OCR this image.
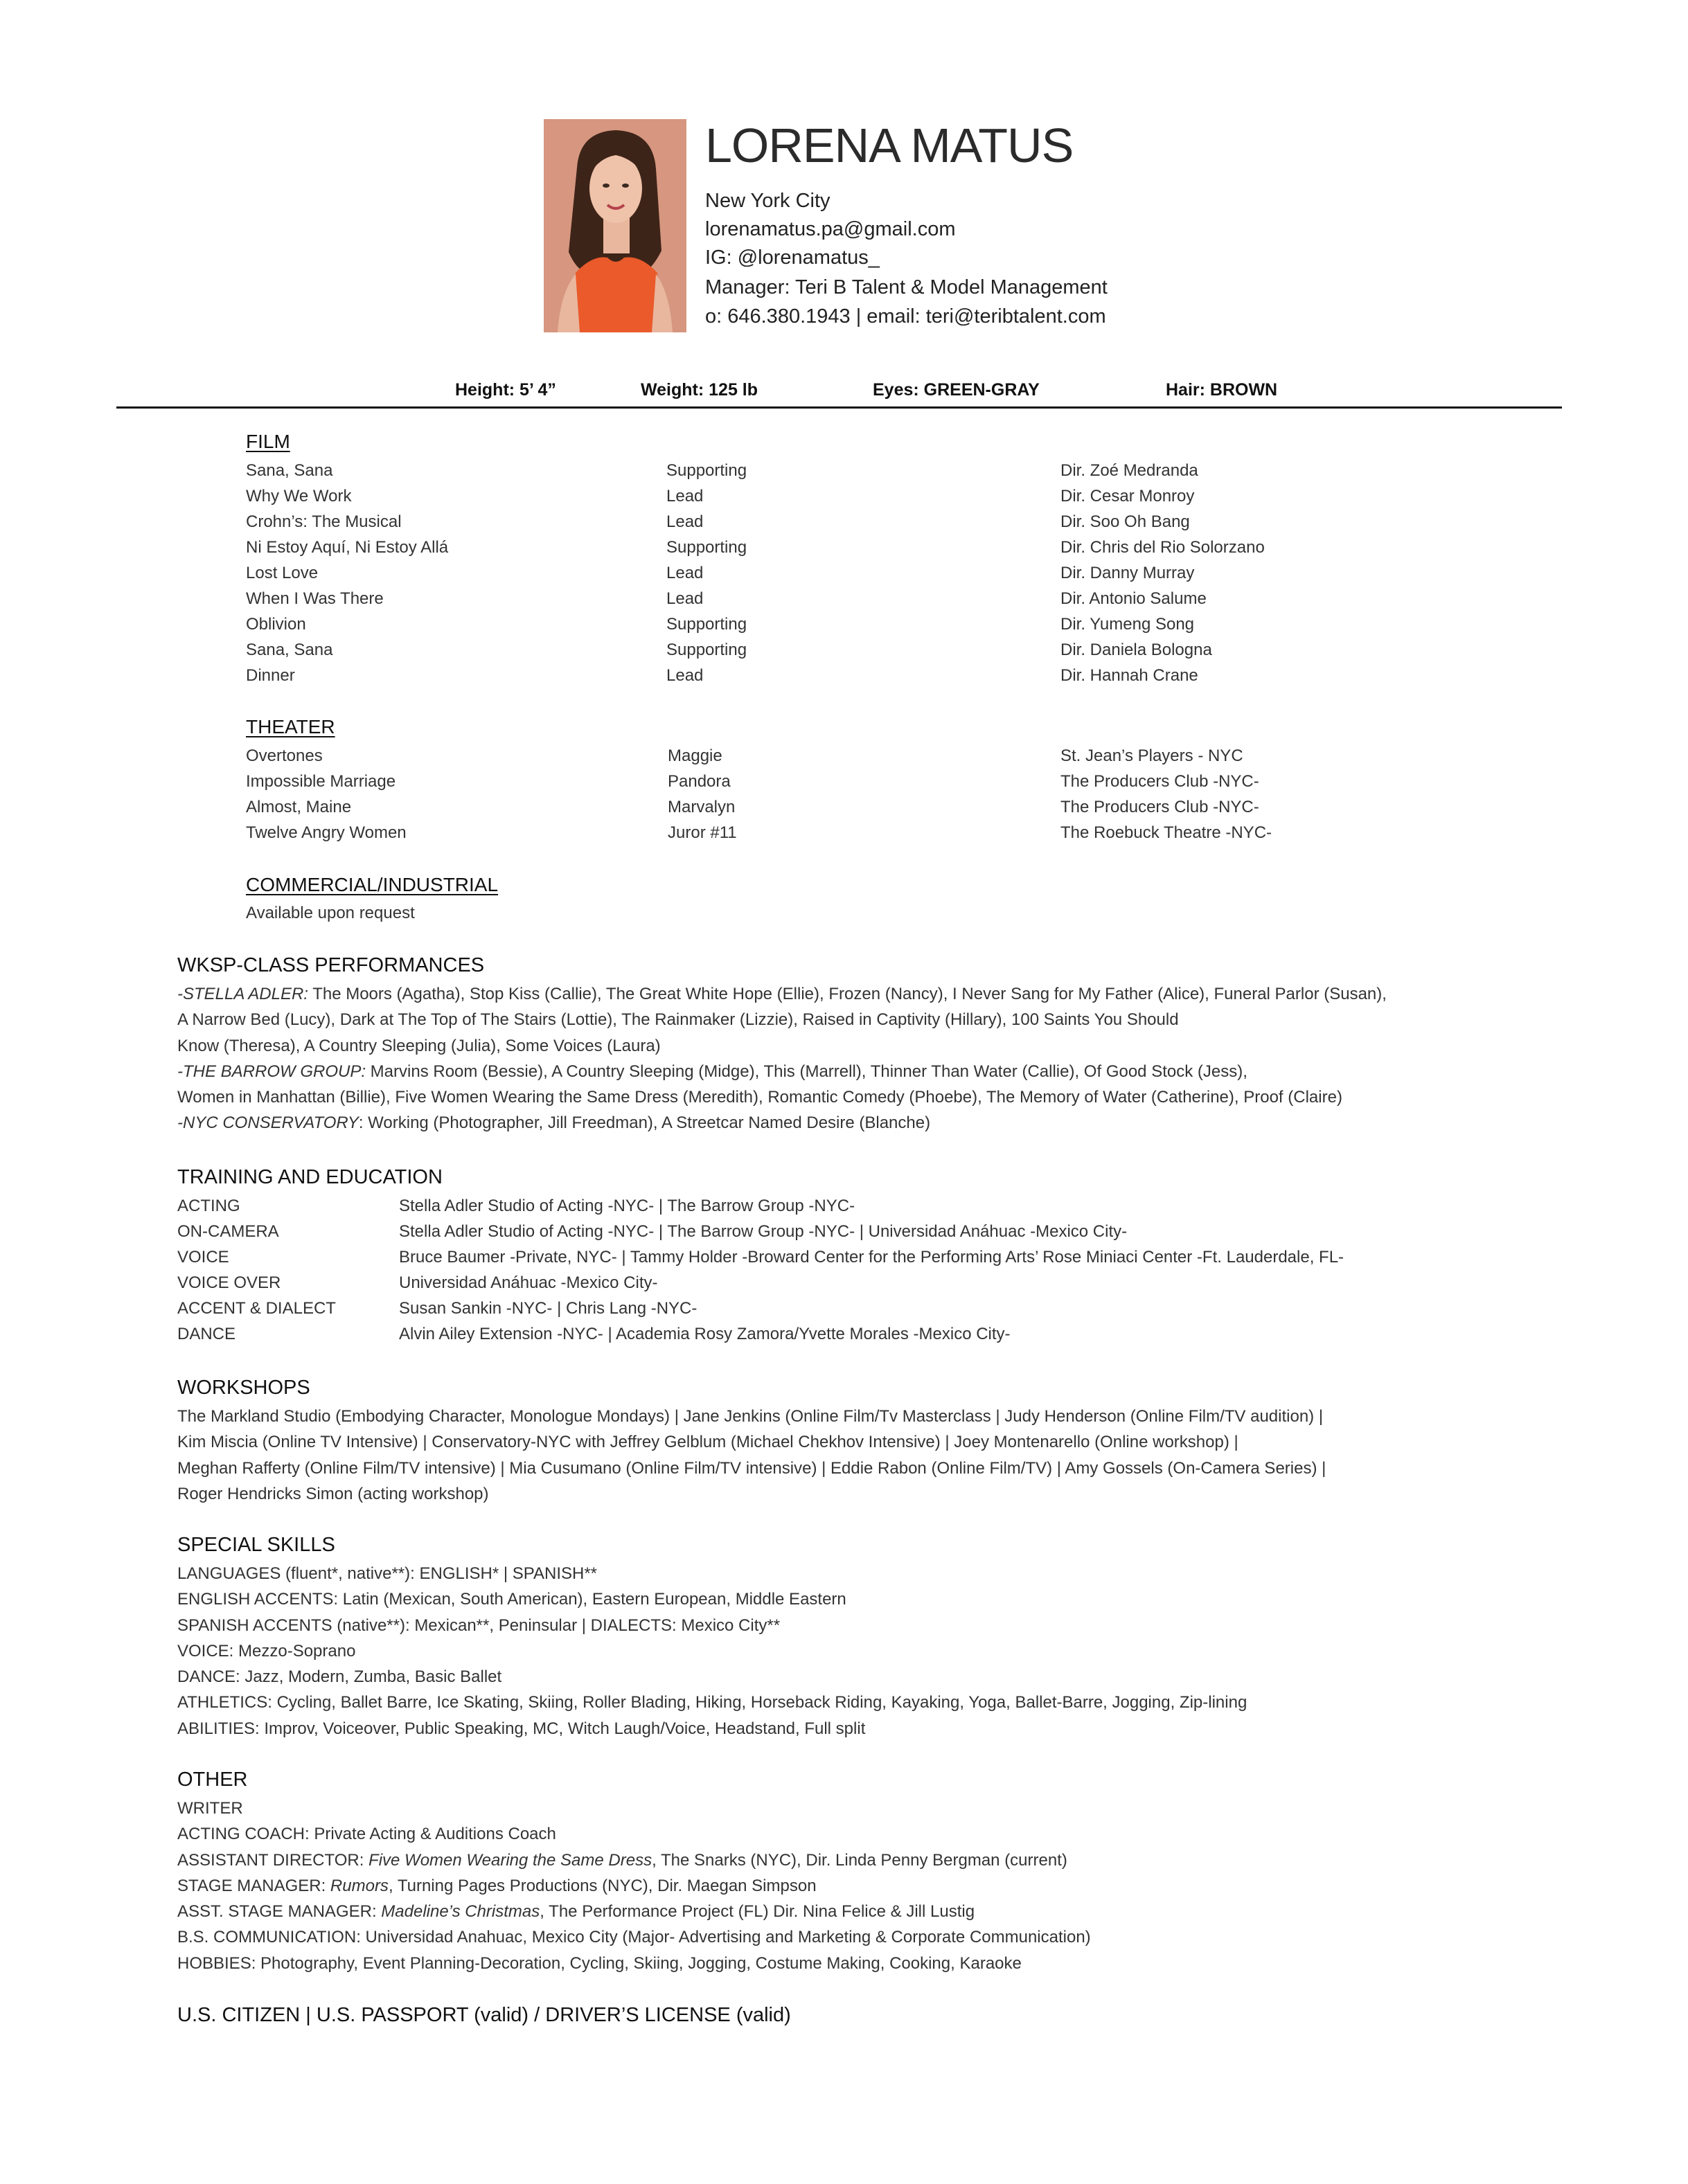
LORENA MATUS
New York City
lorenamatus.pa@gmail.com
IG: @lorenamatus_
Manager: Teri B Talent & Model Management
o: 646.380.1943 | email: teri@teribtalent.com
Height: 5’ 4”	Weight: 125 lb	Eyes: GREEN-GRAY	Hair: BROWN
FILM
Sana, Sana	Supporting	Dir. Zoé Medranda
Why We Work	Lead	Dir. Cesar Monroy
Crohn’s: The Musical	Lead	Dir. Soo Oh Bang
Ni Estoy Aquí, Ni Estoy Allá	Supporting	Dir. Chris del Rio Solorzano
Lost Love	Lead	Dir. Danny Murray
When I Was There	Lead	Dir. Antonio Salume
Oblivion	Supporting	Dir. Yumeng Song
Sana, Sana	Supporting	Dir. Daniela Bologna
Dinner	Lead	Dir. Hannah Crane
THEATER
Overtones	Maggie	St. Jean’s Players - NYC
Impossible Marriage	Pandora	The Producers Club -NYC-
Almost, Maine	Marvalyn	The Producers Club -NYC-
Twelve Angry Women	Juror #11	The Roebuck Theatre -NYC-
COMMERCIAL/INDUSTRIAL
Available upon request
WKSP-CLASS PERFORMANCES
-STELLA ADLER: The Moors (Agatha), Stop Kiss (Callie), The Great White Hope (Ellie), Frozen (Nancy), I Never Sang for My Father (Alice), Funeral Parlor (Susan),
A Narrow Bed (Lucy), Dark at The Top of The Stairs (Lottie), The Rainmaker (Lizzie), Raised in Captivity (Hillary), 100 Saints You Should
Know (Theresa), A Country Sleeping (Julia), Some Voices (Laura)
-THE BARROW GROUP: Marvins Room (Bessie), A Country Sleeping (Midge), This (Marrell), Thinner Than Water (Callie), Of Good Stock (Jess),
Women in Manhattan (Billie), Five Women Wearing the Same Dress (Meredith), Romantic Comedy (Phoebe), The Memory of Water (Catherine), Proof (Claire)
-NYC CONSERVATORY: Working (Photographer, Jill Freedman), A Streetcar Named Desire (Blanche)
TRAINING AND EDUCATION
ACTING	Stella Adler Studio of Acting -NYC- | The Barrow Group -NYC-
ON-CAMERA	Stella Adler Studio of Acting -NYC- | The Barrow Group -NYC- | Universidad Anáhuac -Mexico City-
VOICE	Bruce Baumer -Private, NYC- | Tammy Holder -Broward Center for the Performing Arts’ Rose Miniaci Center -Ft. Lauderdale, FL-
VOICE OVER	Universidad Anáhuac -Mexico City-
ACCENT & DIALECT	Susan Sankin -NYC- | Chris Lang -NYC-
DANCE	Alvin Ailey Extension -NYC- | Academia Rosy Zamora/Yvette Morales -Mexico City-
WORKSHOPS
The Markland Studio (Embodying Character, Monologue Mondays) | Jane Jenkins (Online Film/Tv Masterclass | Judy Henderson (Online Film/TV audition) |
Kim Miscia (Online TV Intensive) | Conservatory-NYC with Jeffrey Gelblum (Michael Chekhov Intensive) | Joey Montenarello (Online workshop) |
Meghan Rafferty (Online Film/TV intensive) | Mia Cusumano (Online Film/TV intensive) | Eddie Rabon (Online Film/TV) | Amy Gossels (On-Camera Series) |
Roger Hendricks Simon (acting workshop)
SPECIAL SKILLS
LANGUAGES (fluent*, native**): ENGLISH* | SPANISH**
ENGLISH ACCENTS: Latin (Mexican, South American), Eastern European, Middle Eastern
SPANISH ACCENTS (native**): Mexican**, Peninsular | DIALECTS: Mexico City**
VOICE: Mezzo-Soprano
DANCE: Jazz, Modern, Zumba, Basic Ballet
ATHLETICS: Cycling, Ballet Barre, Ice Skating, Skiing, Roller Blading, Hiking, Horseback Riding, Kayaking, Yoga, Ballet-Barre, Jogging, Zip-lining
ABILITIES: Improv, Voiceover, Public Speaking, MC, Witch Laugh/Voice, Headstand, Full split
OTHER
WRITER
ACTING COACH: Private Acting & Auditions Coach
ASSISTANT DIRECTOR: Five Women Wearing the Same Dress, The Snarks (NYC), Dir. Linda Penny Bergman (current)
STAGE MANAGER: Rumors, Turning Pages Productions (NYC), Dir. Maegan Simpson
ASST. STAGE MANAGER: Madeline’s Christmas, The Performance Project (FL) Dir. Nina Felice & Jill Lustig
B.S. COMMUNICATION: Universidad Anahuac, Mexico City (Major- Advertising and Marketing & Corporate Communication)
HOBBIES: Photography, Event Planning-Decoration, Cycling, Skiing, Jogging, Costume Making, Cooking, Karaoke
U.S. CITIZEN | U.S. PASSPORT (valid) / DRIVER’S LICENSE (valid)
